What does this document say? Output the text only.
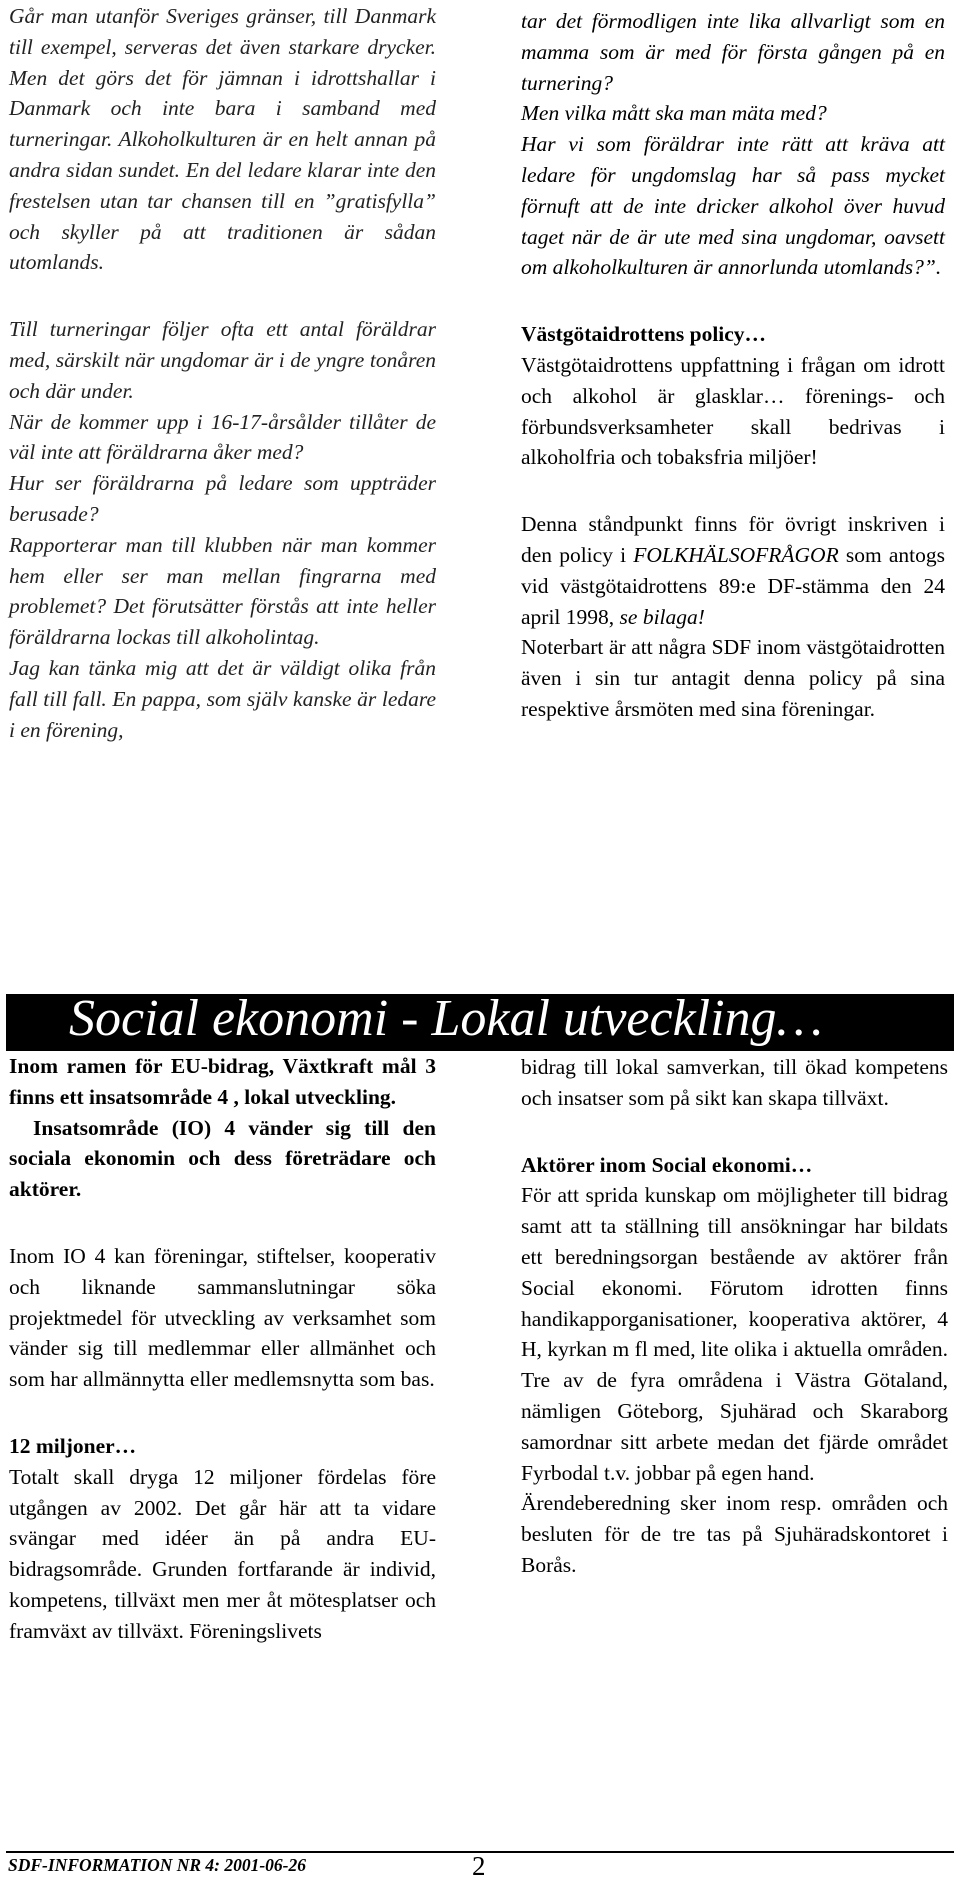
Går man utanför Sveriges gränser, till Danmark till exempel, serveras det även starkare drycker. Men det görs det för jämnan i idrottshallar i Danmark och inte bara i samband med turneringar. Alkoholkulturen är en helt annan på andra sidan sundet. En del ledare klarar inte den frestelsen utan tar chansen till en ”gratisfylla” och skyller på att traditionen är sådan utomlands.

Till turneringar följer ofta ett antal föräldrar med, särskilt när ungdomar är i de yngre tonåren och där under.

När de kommer upp i 16-17-årsålder tillåter de väl inte att föräldrarna åker med?

Hur ser föräldrarna på ledare som uppträder berusade?

Rapporterar man till klubben när man kommer hem eller ser man mellan fingrarna med problemet? Det förutsätter förstås att inte heller föräldrarna lockas till alkoholintag.

Jag kan tänka mig att det är väldigt olika från fall till fall. En pappa, som själv kanske är ledare i en förening,

tar det förmodligen inte lika allvarligt som en mamma som är med för första gången på en turnering?

Men vilka mått ska man mäta med?

Har vi som föräldrar inte rätt att kräva att ledare för ungdomslag har så pass mycket förnuft att de inte dricker alkohol över huvud taget när de är ute med sina ungdomar, oavsett om alkoholkulturen är annorlunda utomlands?”.

Västgötaidrottens policy…

Västgötaidrottens uppfattning i frågan om idrott och alkohol är glasklar… förenings- och förbundsverksamheter skall bedrivas i alkoholfria och tobaksfria miljöer!

Denna ståndpunkt finns för övrigt inskriven i den policy i FOLKHÄLSOFRÅGOR som antogs vid västgötaidrottens 89:e DF-stämma den 24 april 1998, se bilaga!

Noterbart är att några SDF inom västgötaidrotten även i sin tur antagit denna policy på sina respektive årsmöten med sina föreningar.

Social ekonomi - Lokal utveckling…

Inom ramen för EU-bidrag, Växtkraft mål 3 finns ett insatsområde 4 , lokal utveckling.

Insatsområde (IO) 4 vänder sig till den sociala ekonomin och dess företrädare och aktörer.

Inom IO 4 kan föreningar, stiftelser, kooperativ och liknande sammanslutningar söka projektmedel för utveckling av verksamhet som vänder sig till medlemmar eller allmänhet och som har allmännytta eller medlemsnytta som bas.

12 miljoner…

Totalt skall dryga 12 miljoner fördelas före utgången av 2002. Det går här att ta vidare svängar med idéer än på andra EU-bidragsområde. Grunden fortfarande är individ, kompetens, tillväxt men mer åt mötesplatser och framväxt av tillväxt. Föreningslivets

bidrag till lokal samverkan, till ökad kompetens och insatser som på sikt kan skapa tillväxt.

Aktörer inom Social ekonomi…

För att sprida kunskap om möjligheter till bidrag samt att ta ställning till ansökningar har bildats ett beredningsorgan bestående av aktörer från Social ekonomi. Förutom idrotten finns handikapporganisationer, kooperativa aktörer, 4 H, kyrkan m fl med, lite olika i aktuella områden. Tre av de fyra områdena i Västra Götaland, nämligen Göteborg, Sjuhärad och Skaraborg samordnar sitt arbete medan det fjärde området Fyrbodal t.v. jobbar på egen hand.

Ärendeberedning sker inom resp. områden och besluten för de tre tas på Sjuhäradskontoret i Borås.

SDF-INFORMATION NR 4: 2001-06-26	2
